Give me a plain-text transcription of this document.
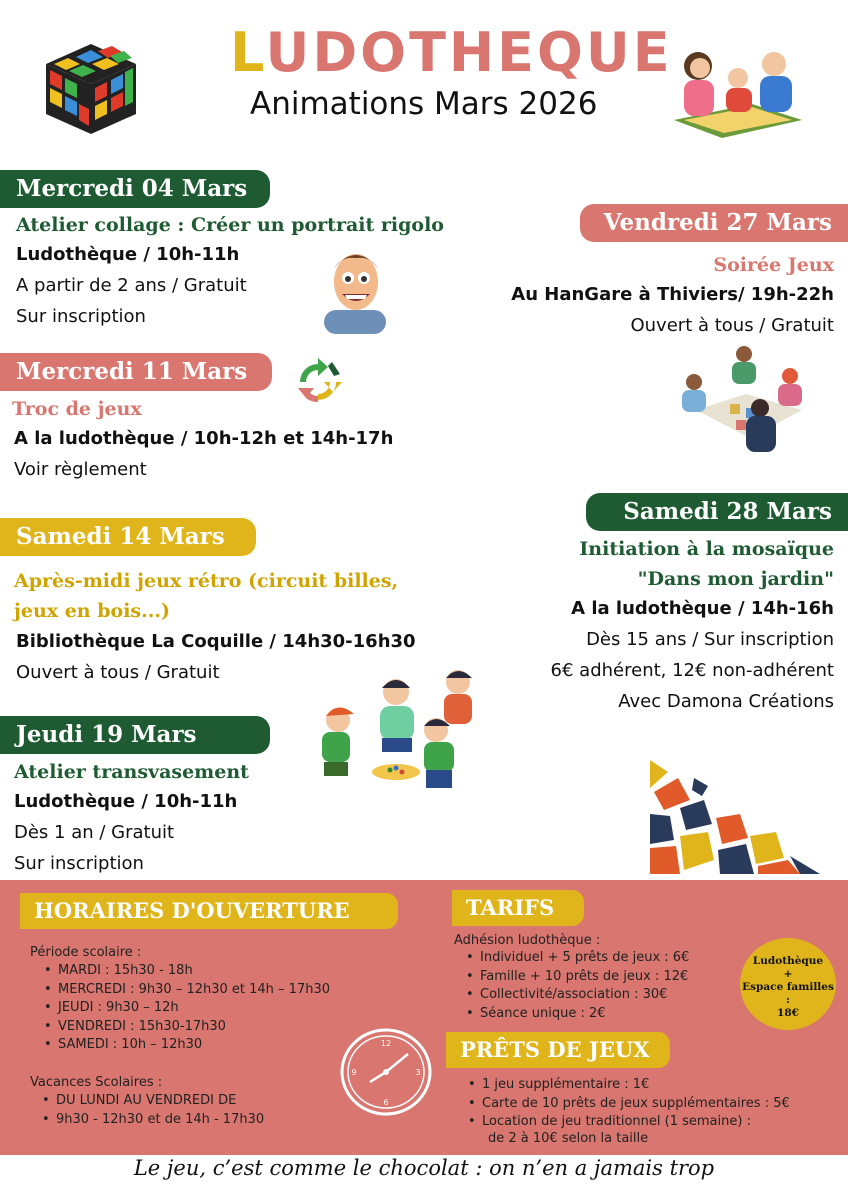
LUDOTHEQUE
Animations Mars 2026
Mercredi 04 Mars
Atelier collage : Créer un portrait rigolo
Ludothèque / 10h-11h
A partir de 2 ans / Gratuit
Sur inscription
Mercredi 11 Mars
Troc de jeux
A la ludothèque / 10h-12h et 14h-17h
Voir règlement
Samedi 14 Mars
Après-midi jeux rétro (circuit billes,
jeux en bois...)
Bibliothèque La Coquille / 14h30-16h30
Ouvert à tous / Gratuit
Jeudi 19 Mars
Atelier transvasement
Ludothèque / 10h-11h
Dès 1 an / Gratuit
Sur inscription
Vendredi 27 Mars
Soirée Jeux
Au HanGare à Thiviers/ 19h-22h
Ouvert à tous / Gratuit
Samedi 28 Mars
Initiation à la mosaïque
"Dans mon jardin"
A la ludothèque / 14h-16h
Dès 15 ans / Sur inscription
6€ adhérent, 12€ non-adhérent
Avec Damona Créations
HORAIRES D'OUVERTURE
Période scolaire :
• MARDI : 15h30 - 18h
• MERCREDI : 9h30 – 12h30 et 14h – 17h30
• JEUDI : 9h30 – 12h
• VENDREDI : 15h30-17h30
• SAMEDI : 10h – 12h30
Vacances Scolaires :
• DU LUNDI AU VENDREDI DE
• 9h30 - 12h30 et de 14h - 17h30
12
3
6
9
TARIFS
Adhésion ludothèque :
• Individuel + 5 prêts de jeux : 6€
• Famille + 10 prêts de jeux : 12€
• Collectivité/association : 30€
• Séance unique : 2€
Ludothèque
+
Espace familles :
18€
PRÊTS DE JEUX
• 1 jeu supplémentaire : 1€
• Carte de 10 prêts de jeux supplémentaires : 5€
• Location de jeu traditionnel (1 semaine) :
de 2 à 10€ selon la taille
Le jeu, c’est comme le chocolat : on n’en a jamais trop
